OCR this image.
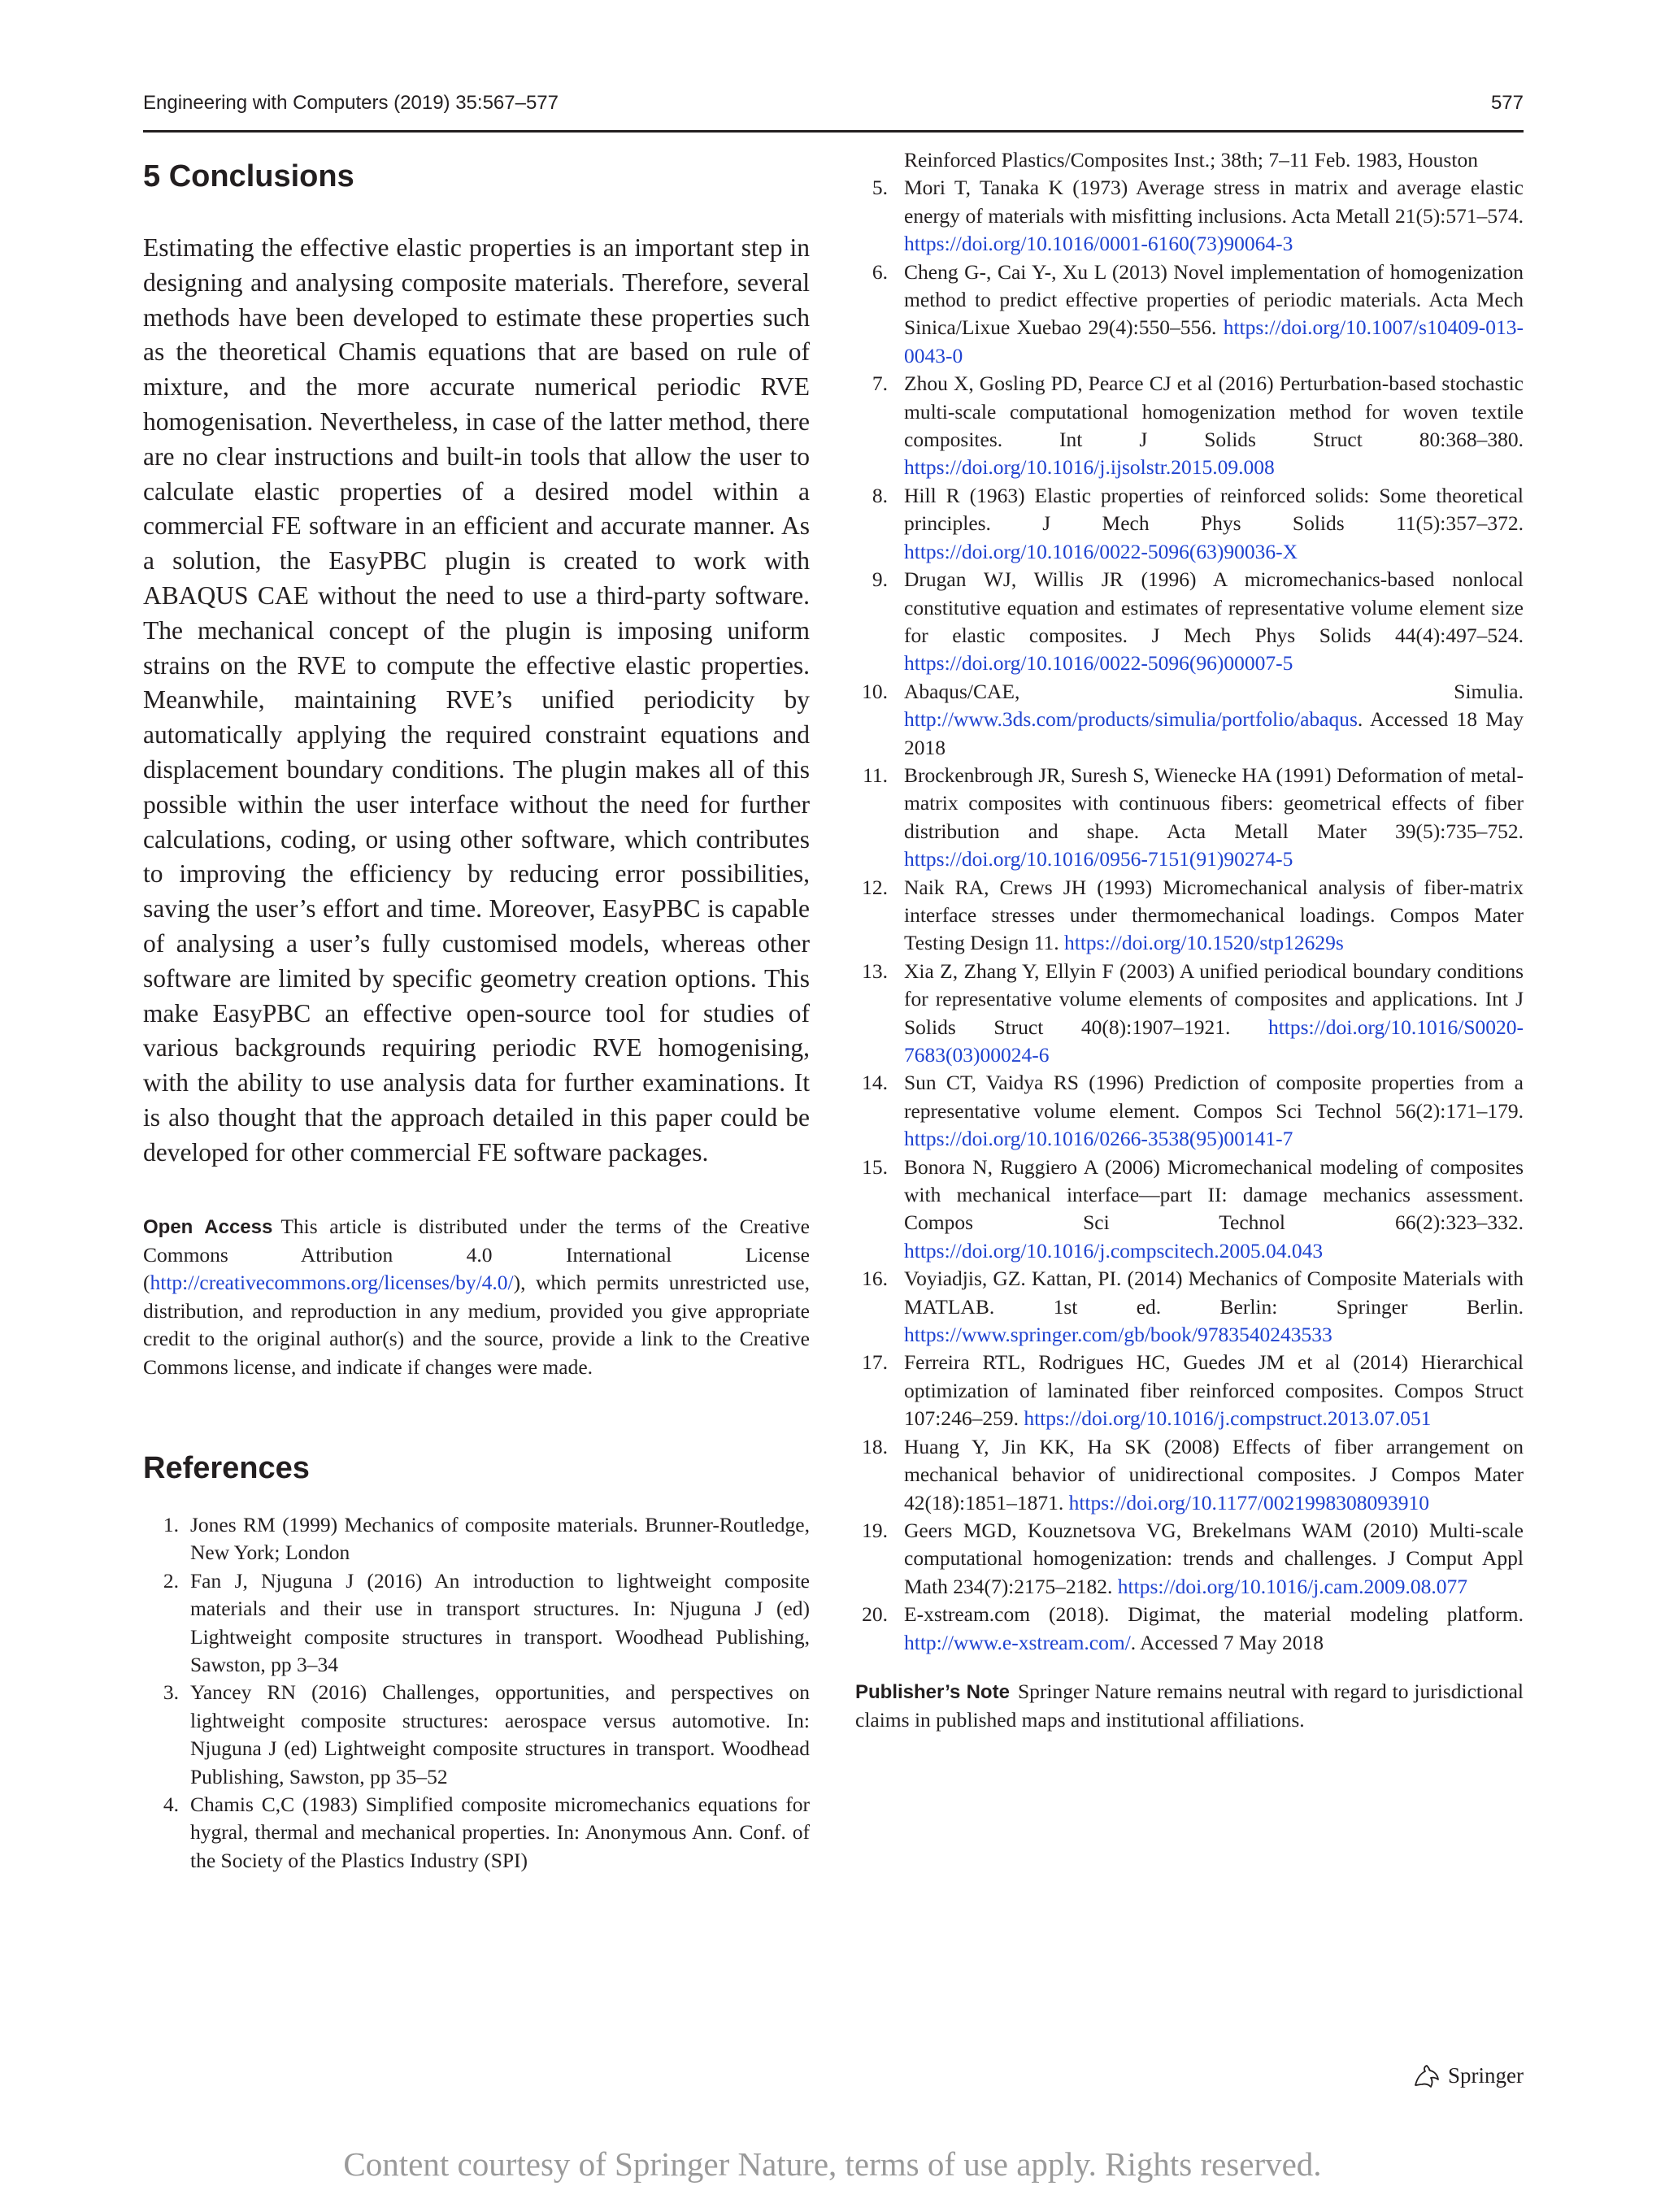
Engineering with Computers (2019) 35:567–577	577
5 Conclusions

Estimating the effective elastic properties is an important step in designing and analysing composite materials. Therefore, several methods have been developed to estimate these properties such as the theoretical Chamis equations that are based on rule of mixture, and the more accurate numerical periodic RVE homogenisation. Nevertheless, in case of the latter method, there are no clear instructions and built-in tools that allow the user to calculate elastic properties of a desired model within a commercial FE software in an efficient and accurate manner. As a solution, the EasyPBC plugin is created to work with ABAQUS CAE without the need to use a third-party software. The mechanical concept of the plugin is imposing uniform strains on the RVE to compute the effective elastic properties. Meanwhile, maintaining RVE’s unified periodicity by automatically applying the required constraint equations and displacement boundary conditions. The plugin makes all of this possible within the user interface without the need for further calculations, coding, or using other software, which contributes to improving the efficiency by reducing error possibilities, saving the user’s effort and time. Moreover, EasyPBC is capable of analysing a user’s fully customised models, whereas other software are limited by specific geometry creation options. This make EasyPBC an effective open-source tool for studies of various backgrounds requiring periodic RVE homogenising, with the ability to use analysis data for further examinations. It is also thought that the approach detailed in this paper could be developed for other commercial FE software packages.

Open Access This article is distributed under the terms of the Creative Commons Attribution 4.0 International License (http://creativecommons.org/licenses/by/4.0/), which permits unrestricted use, distribution, and reproduction in any medium, provided you give appropriate credit to the original author(s) and the source, provide a link to the Creative Commons license, and indicate if changes were made.

References
1. Jones RM (1999) Mechanics of composite materials. Brunner-Routledge, New York; London
2. Fan J, Njuguna J (2016) An introduction to lightweight composite materials and their use in transport structures. In: Njuguna J (ed) Lightweight composite structures in transport. Woodhead Publishing, Sawston, pp 3–34
3. Yancey RN (2016) Challenges, opportunities, and perspectives on lightweight composite structures: aerospace versus automotive. In: Njuguna J (ed) Lightweight composite structures in transport. Woodhead Publishing, Sawston, pp 35–52
4. Chamis C,C (1983) Simplified composite micromechanics equations for hygral, thermal and mechanical properties. In: Anonymous Ann. Conf. of the Society of the Plastics Industry (SPI)
Reinforced Plastics/Composites Inst.; 38th; 7–11 Feb. 1983, Houston
5. Mori T, Tanaka K (1973) Average stress in matrix and average elastic energy of materials with misfitting inclusions. Acta Metall 21(5):571–574. https://doi.org/10.1016/0001-6160(73)90064-3
6. Cheng G-, Cai Y-, Xu L (2013) Novel implementation of homogenization method to predict effective properties of periodic materials. Acta Mech Sinica/Lixue Xuebao 29(4):550–556. https://doi.org/10.1007/s10409-013-0043-0
7. Zhou X, Gosling PD, Pearce CJ et al (2016) Perturbation-based stochastic multi-scale computational homogenization method for woven textile composites. Int J Solids Struct 80:368–380. https://doi.org/10.1016/j.ijsolstr.2015.09.008
8. Hill R (1963) Elastic properties of reinforced solids: Some theoretical principles. J Mech Phys Solids 11(5):357–372. https://doi.org/10.1016/0022-5096(63)90036-X
9. Drugan WJ, Willis JR (1996) A micromechanics-based nonlocal constitutive equation and estimates of representative volume element size for elastic composites. J Mech Phys Solids 44(4):497–524. https://doi.org/10.1016/0022-5096(96)00007-5
10. Abaqus/CAE, Simulia. http://www.3ds.com/products/simulia/portfolio/abaqus. Accessed 18 May 2018
11. Brockenbrough JR, Suresh S, Wienecke HA (1991) Deformation of metal-matrix composites with continuous fibers: geometrical effects of fiber distribution and shape. Acta Metall Mater 39(5):735–752. https://doi.org/10.1016/0956-7151(91)90274-5
12. Naik RA, Crews JH (1993) Micromechanical analysis of fiber-matrix interface stresses under thermomechanical loadings. Compos Mater Testing Design 11. https://doi.org/10.1520/stp12629s
13. Xia Z, Zhang Y, Ellyin F (2003) A unified periodical boundary conditions for representative volume elements of composites and applications. Int J Solids Struct 40(8):1907–1921. https://doi.org/10.1016/S0020-7683(03)00024-6
14. Sun CT, Vaidya RS (1996) Prediction of composite properties from a representative volume element. Compos Sci Technol 56(2):171–179. https://doi.org/10.1016/0266-3538(95)00141-7
15. Bonora N, Ruggiero A (2006) Micromechanical modeling of composites with mechanical interface—part II: damage mechanics assessment. Compos Sci Technol 66(2):323–332. https://doi.org/10.1016/j.compscitech.2005.04.043
16. Voyiadjis, GZ. Kattan, PI. (2014) Mechanics of Composite Materials with MATLAB. 1st ed. Berlin: Springer Berlin. https://www.springer.com/gb/book/9783540243533
17. Ferreira RTL, Rodrigues HC, Guedes JM et al (2014) Hierarchical optimization of laminated fiber reinforced composites. Compos Struct 107:246–259. https://doi.org/10.1016/j.compstruct.2013.07.051
18. Huang Y, Jin KK, Ha SK (2008) Effects of fiber arrangement on mechanical behavior of unidirectional composites. J Compos Mater 42(18):1851–1871. https://doi.org/10.1177/0021998308093910
19. Geers MGD, Kouznetsova VG, Brekelmans WAM (2010) Multi-scale computational homogenization: trends and challenges. J Comput Appl Math 234(7):2175–2182. https://doi.org/10.1016/j.cam.2009.08.077
20. E-xstream.com (2018). Digimat, the material modeling platform. http://www.e-xstream.com/. Accessed 7 May 2018

Publisher’s Note Springer Nature remains neutral with regard to jurisdictional claims in published maps and institutional affiliations.

Springer
Content courtesy of Springer Nature, terms of use apply. Rights reserved.
